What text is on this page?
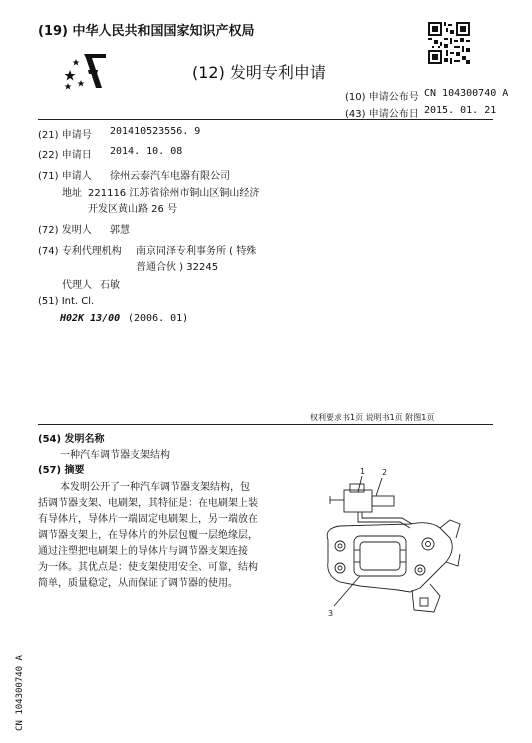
(19) 中华人民共和国国家知识产权局
(12) 发明专利申请
(10) 申请公布号 CN 104300740 A
(43) 申请公布日 2015. 01. 21
(21) 申请号 201410523556. 9
(22) 申请日 2014. 10. 08
(71) 申请人 徐州云泰汽车电器有限公司
地址 221116 江苏省徐州市铜山区铜山经济
开发区黄山路 26 号
(72) 发明人 郭慧
(74) 专利代理机构 南京同泽专利事务所 ( 特殊
普通合伙 ) 32245
代理人 石敏
(51) Int. Cl.
H02K 13/00 (2006. 01)
权利要求书1页 说明书1页 附图1页
(54) 发明名称
一种汽车调节器支架结构
(57) 摘要
本发明公开了一种汽车调节器支架结构，包
括调节器支架、电刷架，其特征是：在电刷架上装
有导体片，导体片一端固定电刷架上，另一端放在
调节器支架上，在导体片的外层包覆一层绝缘层，
通过注塑把电刷架上的导体片与调节器支架连接
为一体。其优点是：使支架使用安全、可靠，结构
简单，质量稳定，从而保证了调节器的使用。
1 2
3
CN 104300740 A
